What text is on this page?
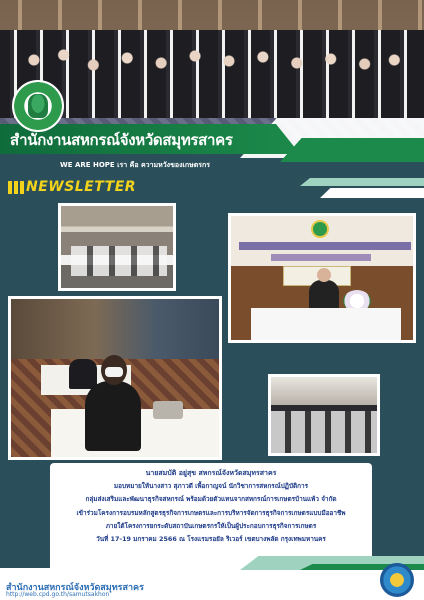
สำนักงานสหกรณ์จังหวัดสมุทรสาคร
WE ARE HOPE เรา คือ ความหวังของเกษตรกร
NEWSLETTER

นายสมบัติ อยู่สุข สหกรณ์จังหวัดสมุทรสาคร

มอบหมายให้นางสาว สุภาวดี เพื้อกาญจน์ นักวิชาการสหกรณ์ปฏิบัติการ

กลุ่มส่งเสริมและพัฒนาธุรกิจสหกรณ์ พร้อมด้วยตัวแทนจากสหกรณ์การเกษตรบ้านแพ้ว จำกัด

เข้าร่วมโครงการอบรมหลักสูตรธุรกิจการเกษตรและการบริหารจัดการธุรกิจการเกษตรแบบมืออาชีพ

ภายใต้โครงการยกระดับสถาบันเกษตรกรให้เป็นผู้ประกอบการธุรกิจการเกษตร

วันที่ 17-19 มกราคม 2566 ณ โรงแรมรอยัล ริเวอร์ เขตบางพลัด กรุงเทพมหานคร

สำนักงานสหกรณ์จังหวัดสมุทรสาคร
http://web.cpd.go.th/samutsakhon
